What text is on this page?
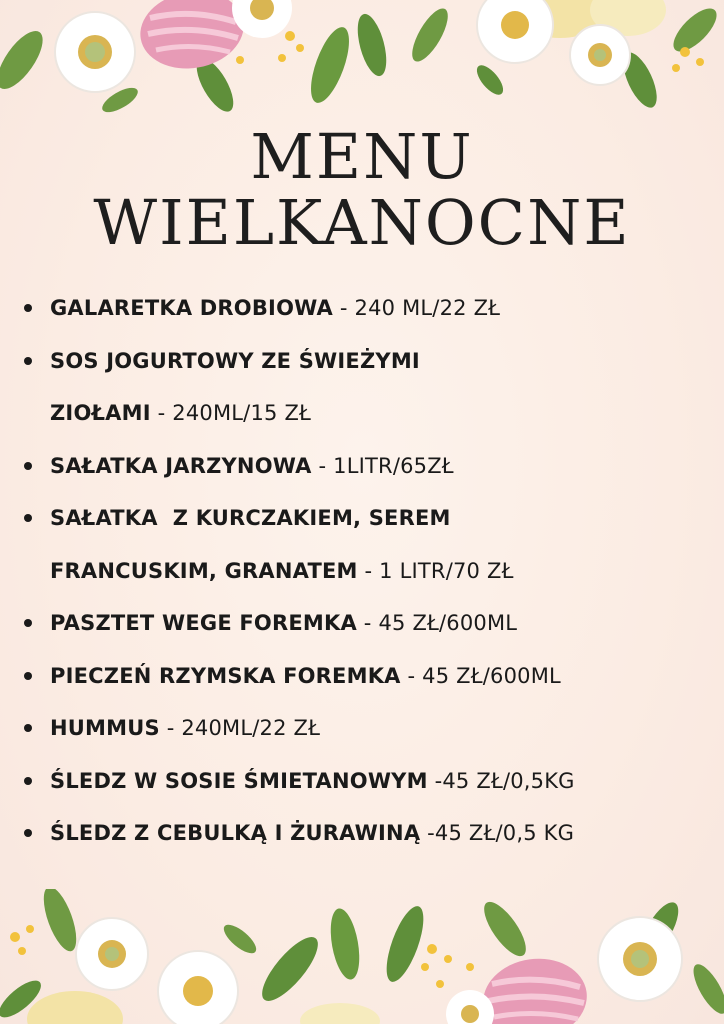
MENU
WIELKANOCNE
GALARETKA DROBIOWA - 240 ML/22 ZŁ
SOS JOGURTOWY ZE ŚWIEŻYMI
ZIOŁAMI - 240ML/15 ZŁ
SAŁATKA JARZYNOWA - 1LITR/65ZŁ
SAŁATKA  Z KURCZAKIEM, SEREM
FRANCUSKIM, GRANATEM - 1 LITR/70 ZŁ
PASZTET WEGE FOREMKA - 45 ZŁ/600ML
PIECZEŃ RZYMSKA FOREMKA - 45 ZŁ/600ML
HUMMUS - 240ML/22 ZŁ
ŚLEDZ W SOSIE ŚMIETANOWYM -45 ZŁ/0,5KG
ŚLEDZ Z CEBULKĄ I ŻURAWINĄ -45 ZŁ/0,5 KG
